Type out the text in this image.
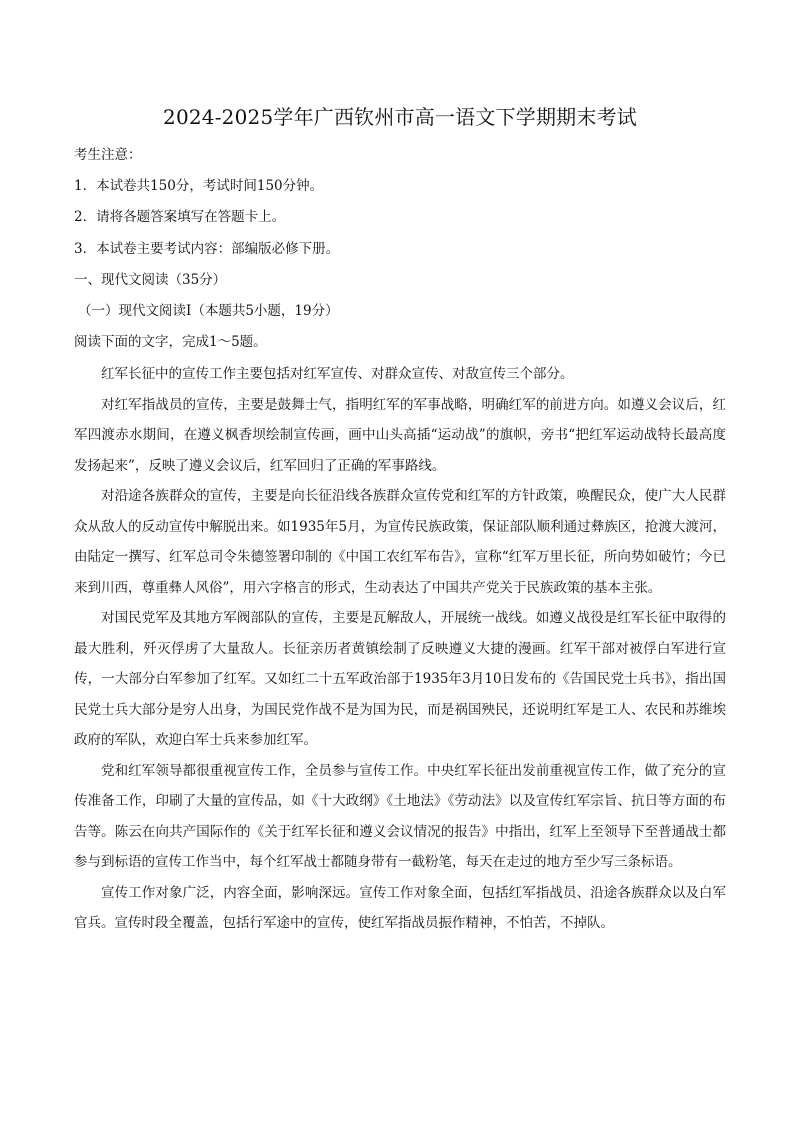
2024-2025学年广西钦州市高一语文下学期期末考试
考生注意：
1．本试卷共150分，考试时间150分钟。
2．请将各题答案填写在答题卡上。
3．本试卷主要考试内容：部编版必修下册。
一、现代文阅读（35分）
（一）现代文阅读Ⅰ（本题共5小题，19分）
阅读下面的文字，完成1～5题。

红军长征中的宣传工作主要包括对红军宣传、对群众宣传、对敌宣传三个部分。

对红军指战员的宣传，主要是鼓舞士气，指明红军的军事战略，明确红军的前进方向。如遵义会议后，红军四渡赤水期间，在遵义枫香坝绘制宣传画，画中山头高插“运动战”的旗帜，旁书“把红军运动战特长最高度发扬起来”，反映了遵义会议后，红军回归了正确的军事路线。

对沿途各族群众的宣传，主要是向长征沿线各族群众宣传党和红军的方针政策，唤醒民众，使广大人民群众从敌人的反动宣传中解脱出来。如1935年5月，为宣传民族政策，保证部队顺利通过彝族区，抢渡大渡河，由陆定一撰写、红军总司令朱德签署印制的《中国工农红军布告》，宣称“红军万里长征，所向势如破竹；今已来到川西，尊重彝人风俗”，用六字格言的形式，生动表达了中国共产党关于民族政策的基本主张。

对国民党军及其地方军阀部队的宣传，主要是瓦解敌人，开展统一战线。如遵义战役是红军长征中取得的最大胜利，歼灭俘虏了大量敌人。长征亲历者黄镇绘制了反映遵义大捷的漫画。红军干部对被俘白军进行宣传，一大部分白军参加了红军。又如红二十五军政治部于1935年3月10日发布的《告国民党士兵书》，指出国民党士兵大部分是穷人出身，为国民党作战不是为国为民，而是祸国殃民，还说明红军是工人、农民和苏维埃政府的军队，欢迎白军士兵来参加红军。

党和红军领导都很重视宣传工作，全员参与宣传工作。中央红军长征出发前重视宣传工作，做了充分的宣传准备工作，印刷了大量的宣传品，如《十大政纲》《土地法》《劳动法》以及宣传红军宗旨、抗日等方面的布告等。陈云在向共产国际作的《关于红军长征和遵义会议情况的报告》中指出，红军上至领导下至普通战士都参与到标语的宣传工作当中，每个红军战士都随身带有一截粉笔，每天在走过的地方至少写三条标语。

宣传工作对象广泛，内容全面，影响深远。宣传工作对象全面，包括红军指战员、沿途各族群众以及白军官兵。宣传时段全覆盖，包括行军途中的宣传，使红军指战员振作精神，不怕苦，不掉队。
